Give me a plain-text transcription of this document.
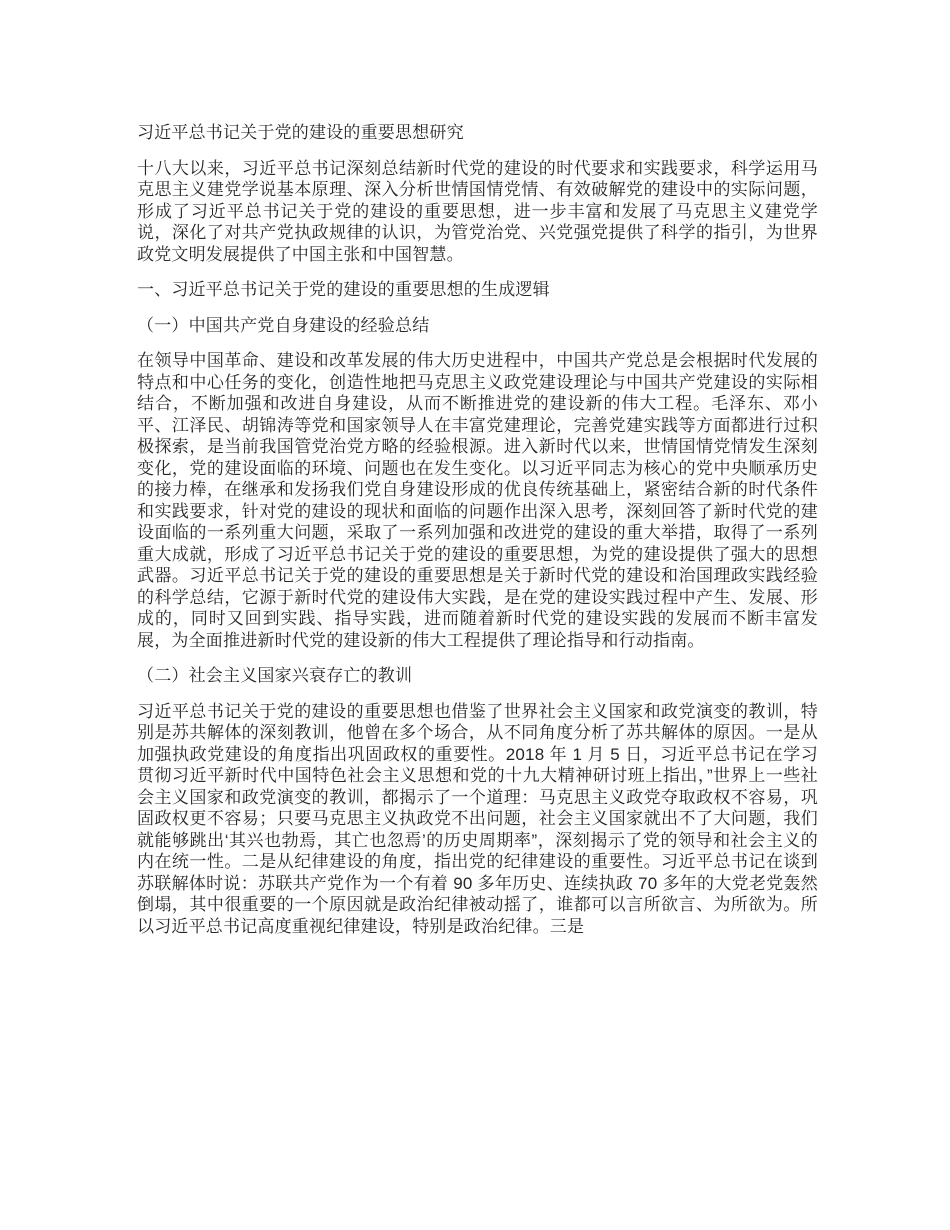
习近平总书记关于党的建设的重要思想研究

十八大以来，习近平总书记深刻总结新时代党的建设的时代要求和实践要求，科学运用马克思主义建党学说基本原理、深入分析世情国情党情、有效破解党的建设中的实际问题，形成了习近平总书记关于党的建设的重要思想，进一步丰富和发展了马克思主义建党学说，深化了对共产党执政规律的认识，为管党治党、兴党强党提供了科学的指引，为世界政党文明发展提供了中国主张和中国智慧。

一、习近平总书记关于党的建设的重要思想的生成逻辑
（一）中国共产党自身建设的经验总结

在领导中国革命、建设和改革发展的伟大历史进程中，中国共产党总是会根据时代发展的特点和中心任务的变化，创造性地把马克思主义政党建设理论与中国共产党建设的实际相结合，不断加强和改进自身建设，从而不断推进党的建设新的伟大工程。毛泽东、邓小平、江泽民、胡锦涛等党和国家领导人在丰富党建理论，完善党建实践等方面都进行过积极探索，是当前我国管党治党方略的经验根源。进入新时代以来，世情国情党情发生深刻变化，党的建设面临的环境、问题也在发生变化。以习近平同志为核心的党中央顺承历史的接力棒，在继承和发扬我们党自身建设形成的优良传统基础上，紧密结合新的时代条件和实践要求，针对党的建设的现状和面临的问题作出深入思考，深刻回答了新时代党的建设面临的一系列重大问题，采取了一系列加强和改进党的建设的重大举措，取得了一系列重大成就，形成了习近平总书记关于党的建设的重要思想，为党的建设提供了强大的思想武器。习近平总书记关于党的建设的重要思想是关于新时代党的建设和治国理政实践经验的科学总结，它源于新时代党的建设伟大实践，是在党的建设实践过程中产生、发展、形成的，同时又回到实践、指导实践，进而随着新时代党的建设实践的发展而不断丰富发展，为全面推进新时代党的建设新的伟大工程提供了理论指导和行动指南。

（二）社会主义国家兴衰存亡的教训

习近平总书记关于党的建设的重要思想也借鉴了世界社会主义国家和政党演变的教训，特别是苏共解体的深刻教训，他曾在多个场合，从不同角度分析了苏共解体的原因。一是从加强执政党建设的角度指出巩固政权的重要性。2018 年 1 月 5 日，习近平总书记在学习贯彻习近平新时代中国特色社会主义思想和党的十九大精神研讨班上指出，”世界上一些社会主义国家和政党演变的教训，都揭示了一个道理：马克思主义政党夺取政权不容易，巩固政权更不容易；只要马克思主义执政党不出问题，社会主义国家就出不了大问题，我们就能够跳出‘其兴也勃焉，其亡也忽焉’的历史周期率”，深刻揭示了党的领导和社会主义的内在统一性。二是从纪律建设的角度，指出党的纪律建设的重要性。习近平总书记在谈到苏联解体时说：苏联共产党作为一个有着 90 多年历史、连续执政 70 多年的大党老党轰然倒塌，其中很重要的一个原因就是政治纪律被动摇了，谁都可以言所欲言、为所欲为。所以习近平总书记高度重视纪律建设，特别是政治纪律。三是
